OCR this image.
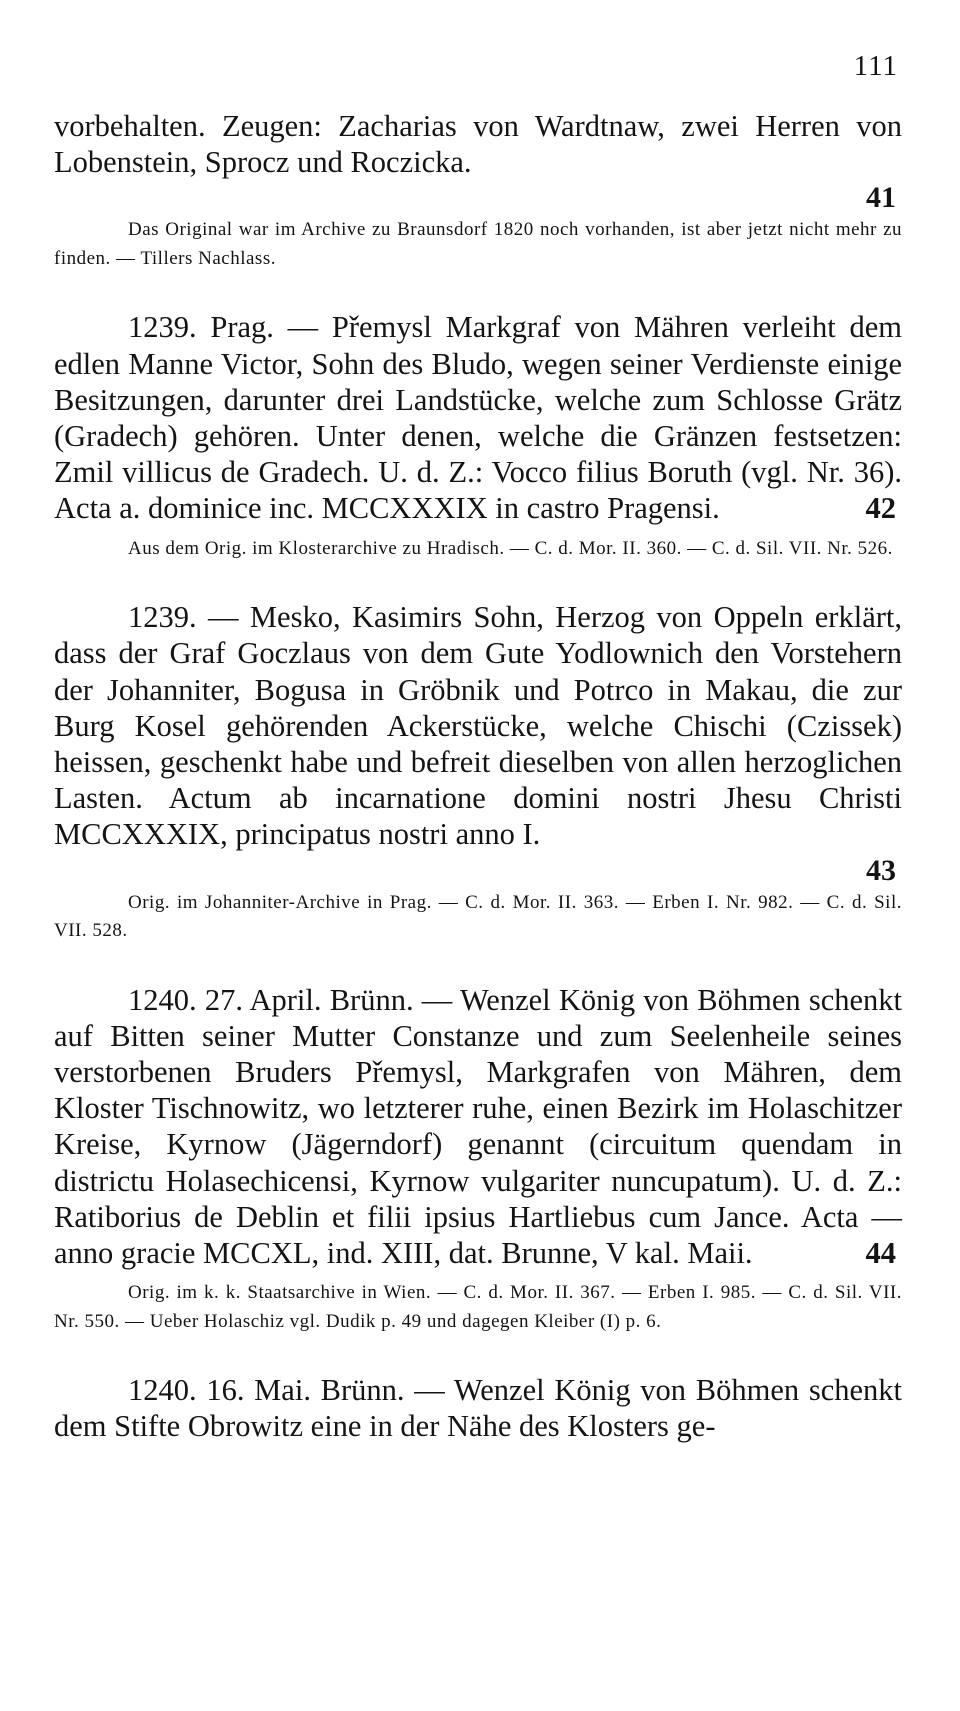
111

vorbehalten. Zeugen: Zacharias von Wardtnaw, zwei Herren von Lobenstein, Sprocz und Roczicka.

41

Das Original war im Archive zu Braunsdorf 1820 noch vorhanden, ist aber jetzt nicht mehr zu finden. — Tillers Nachlass.

1239. Prag. — Přemysl Markgraf von Mähren verleiht dem edlen Manne Victor, Sohn des Bludo, wegen seiner Verdienste einige Besitzungen, darunter drei Landstücke, welche zum Schlosse Grätz (Gradech) gehören. Unter denen, welche die Gränzen festsetzen: Zmil villicus de Gradech. U. d. Z.: Vocco filius Boruth (vgl. Nr. 36). Acta a. dominice inc. MCCXXXIX in castro Pragensi.	42

Aus dem Orig. im Klosterarchive zu Hradisch. — C. d. Mor. II. 360. — C. d. Sil. VII. Nr. 526.

1239. — Mesko, Kasimirs Sohn, Herzog von Oppeln erklärt, dass der Graf Goczlaus von dem Gute Yodlownich den Vorstehern der Johanniter, Bogusa in Gröbnik und Potrco in Makau, die zur Burg Kosel gehörenden Ackerstücke, welche Chischi (Czissek) heissen, geschenkt habe und befreit dieselben von allen herzoglichen Lasten. Actum ab incarnatione domini nostri Jhesu Christi MCCXXXIX, principatus nostri anno I.

43

Orig. im Johanniter-Archive in Prag. — C. d. Mor. II. 363. — Erben I. Nr. 982. — C. d. Sil. VII. 528.

1240. 27. April. Brünn. — Wenzel König von Böhmen schenkt auf Bitten seiner Mutter Constanze und zum Seelenheile seines verstorbenen Bruders Přemysl, Markgrafen von Mähren, dem Kloster Tischnowitz, wo letzterer ruhe, einen Bezirk im Holaschitzer Kreise, Kyrnow (Jägerndorf) genannt (circuitum quendam in districtu Holasechicensi, Kyrnow vulgariter nuncupatum). U. d. Z.: Ratiborius de Deblin et filii ipsius Hartliebus cum Jance. Acta — anno gracie MCCXL, ind. XIII, dat. Brunne, V kal. Maii.	44

Orig. im k. k. Staatsarchive in Wien. — C. d. Mor. II. 367. — Erben I. 985. — C. d. Sil. VII. Nr. 550. — Ueber Holaschiz vgl. Dudik p. 49 und dagegen Kleiber (I) p. 6.

1240. 16. Mai. Brünn. — Wenzel König von Böhmen schenkt dem Stifte Obrowitz eine in der Nähe des Klosters ge-
